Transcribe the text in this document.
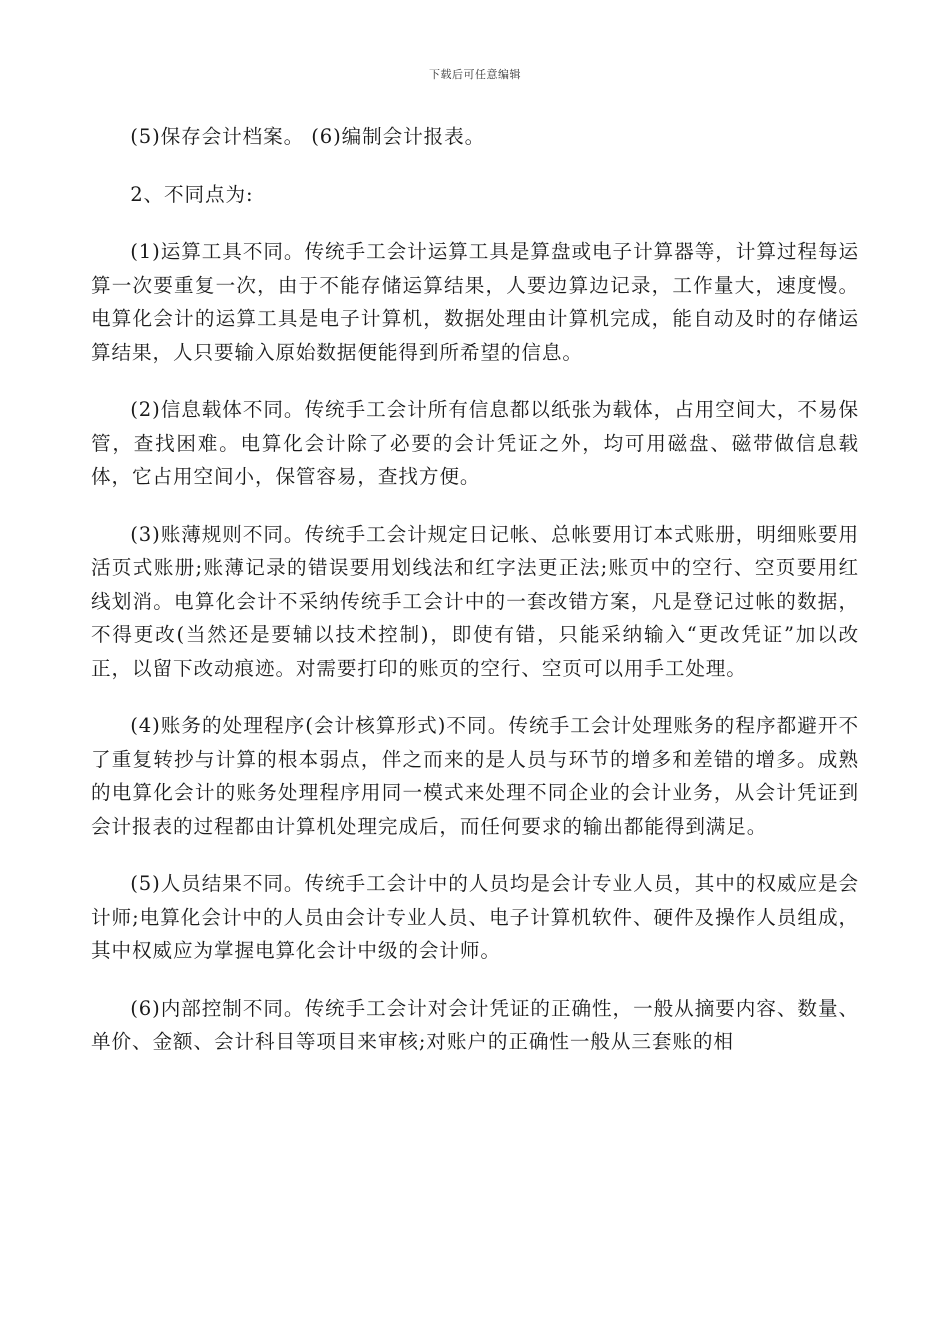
下载后可任意编辑

(5)保存会计档案。 (6)编制会计报表。

2、不同点为:

(1)运算工具不同。传统手工会计运算工具是算盘或电子计算器等，计算过程每运算一次要重复一次，由于不能存储运算结果，人要边算边记录，工作量大，速度慢。电算化会计的运算工具是电子计算机，数据处理由计算机完成，能自动及时的存储运算结果，人只要输入原始数据便能得到所希望的信息。

(2)信息载体不同。传统手工会计所有信息都以纸张为载体，占用空间大，不易保管，查找困难。电算化会计除了必要的会计凭证之外，均可用磁盘、磁带做信息载体，它占用空间小，保管容易，查找方便。

(3)账薄规则不同。传统手工会计规定日记帐、总帐要用订本式账册，明细账要用活页式账册;账薄记录的错误要用划线法和红字法更正法;账页中的空行、空页要用红线划消。电算化会计不采纳传统手工会计中的一套改错方案，凡是登记过帐的数据，不得更改(当然还是要辅以技术控制)，即使有错，只能采纳输入“更改凭证”加以改正，以留下改动痕迹。对需要打印的账页的空行、空页可以用手工处理。

(4)账务的处理程序(会计核算形式)不同。传统手工会计处理账务的程序都避开不了重复转抄与计算的根本弱点，伴之而来的是人员与环节的增多和差错的增多。成熟的电算化会计的账务处理程序用同一模式来处理不同企业的会计业务，从会计凭证到会计报表的过程都由计算机处理完成后，而任何要求的输出都能得到满足。

(5)人员结果不同。传统手工会计中的人员均是会计专业人员，其中的权威应是会计师;电算化会计中的人员由会计专业人员、电子计算机软件、硬件及操作人员组成，其中权威应为掌握电算化会计中级的会计师。

(6)内部控制不同。传统手工会计对会计凭证的正确性，一般从摘要内容、数量、单价、金额、会计科目等项目来审核;对账户的正确性一般从三套账的相
